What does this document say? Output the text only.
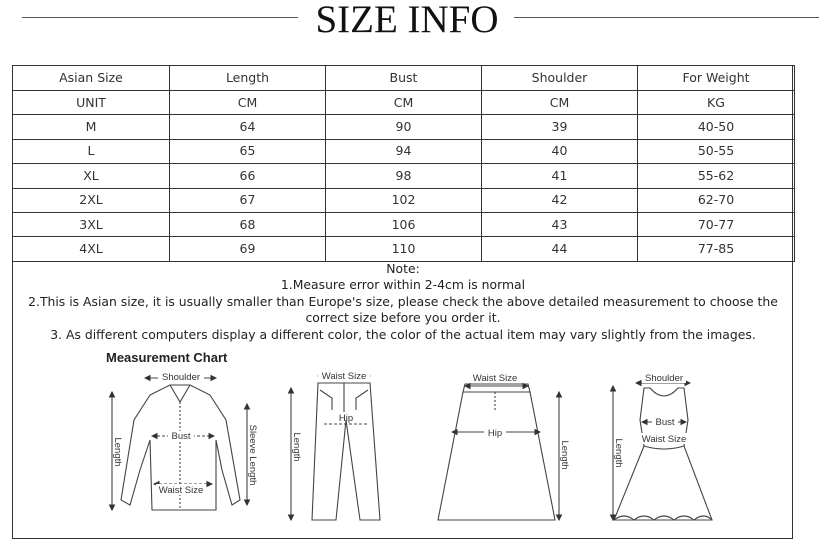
SIZE INFO
Asian Size	Length	Bust	Shoulder	For Weight
UNIT	CM	CM	CM	KG
M	64	90	39	40-50
L	65	94	40	50-55
XL	66	98	41	55-62
2XL	67	102	42	62-70
3XL	68	106	43	70-77
4XL	69	110	44	77-85
Note:
1.Measure error within 2-4cm is normal
2.This is Asian size, it is usually smaller than Europe's size, please check the above detailed measurement to choose the correct size before you order it.
3. As different computers display a different color, the color of the actual item may vary slightly from the images.
Measurement Chart
Shoulder
Bust
Waist Size
Length	Sleeve Length
Waist Size
Hip
Length
Waist Size
Hip
Length
Shoulder
Bust
Waist Size
Length
